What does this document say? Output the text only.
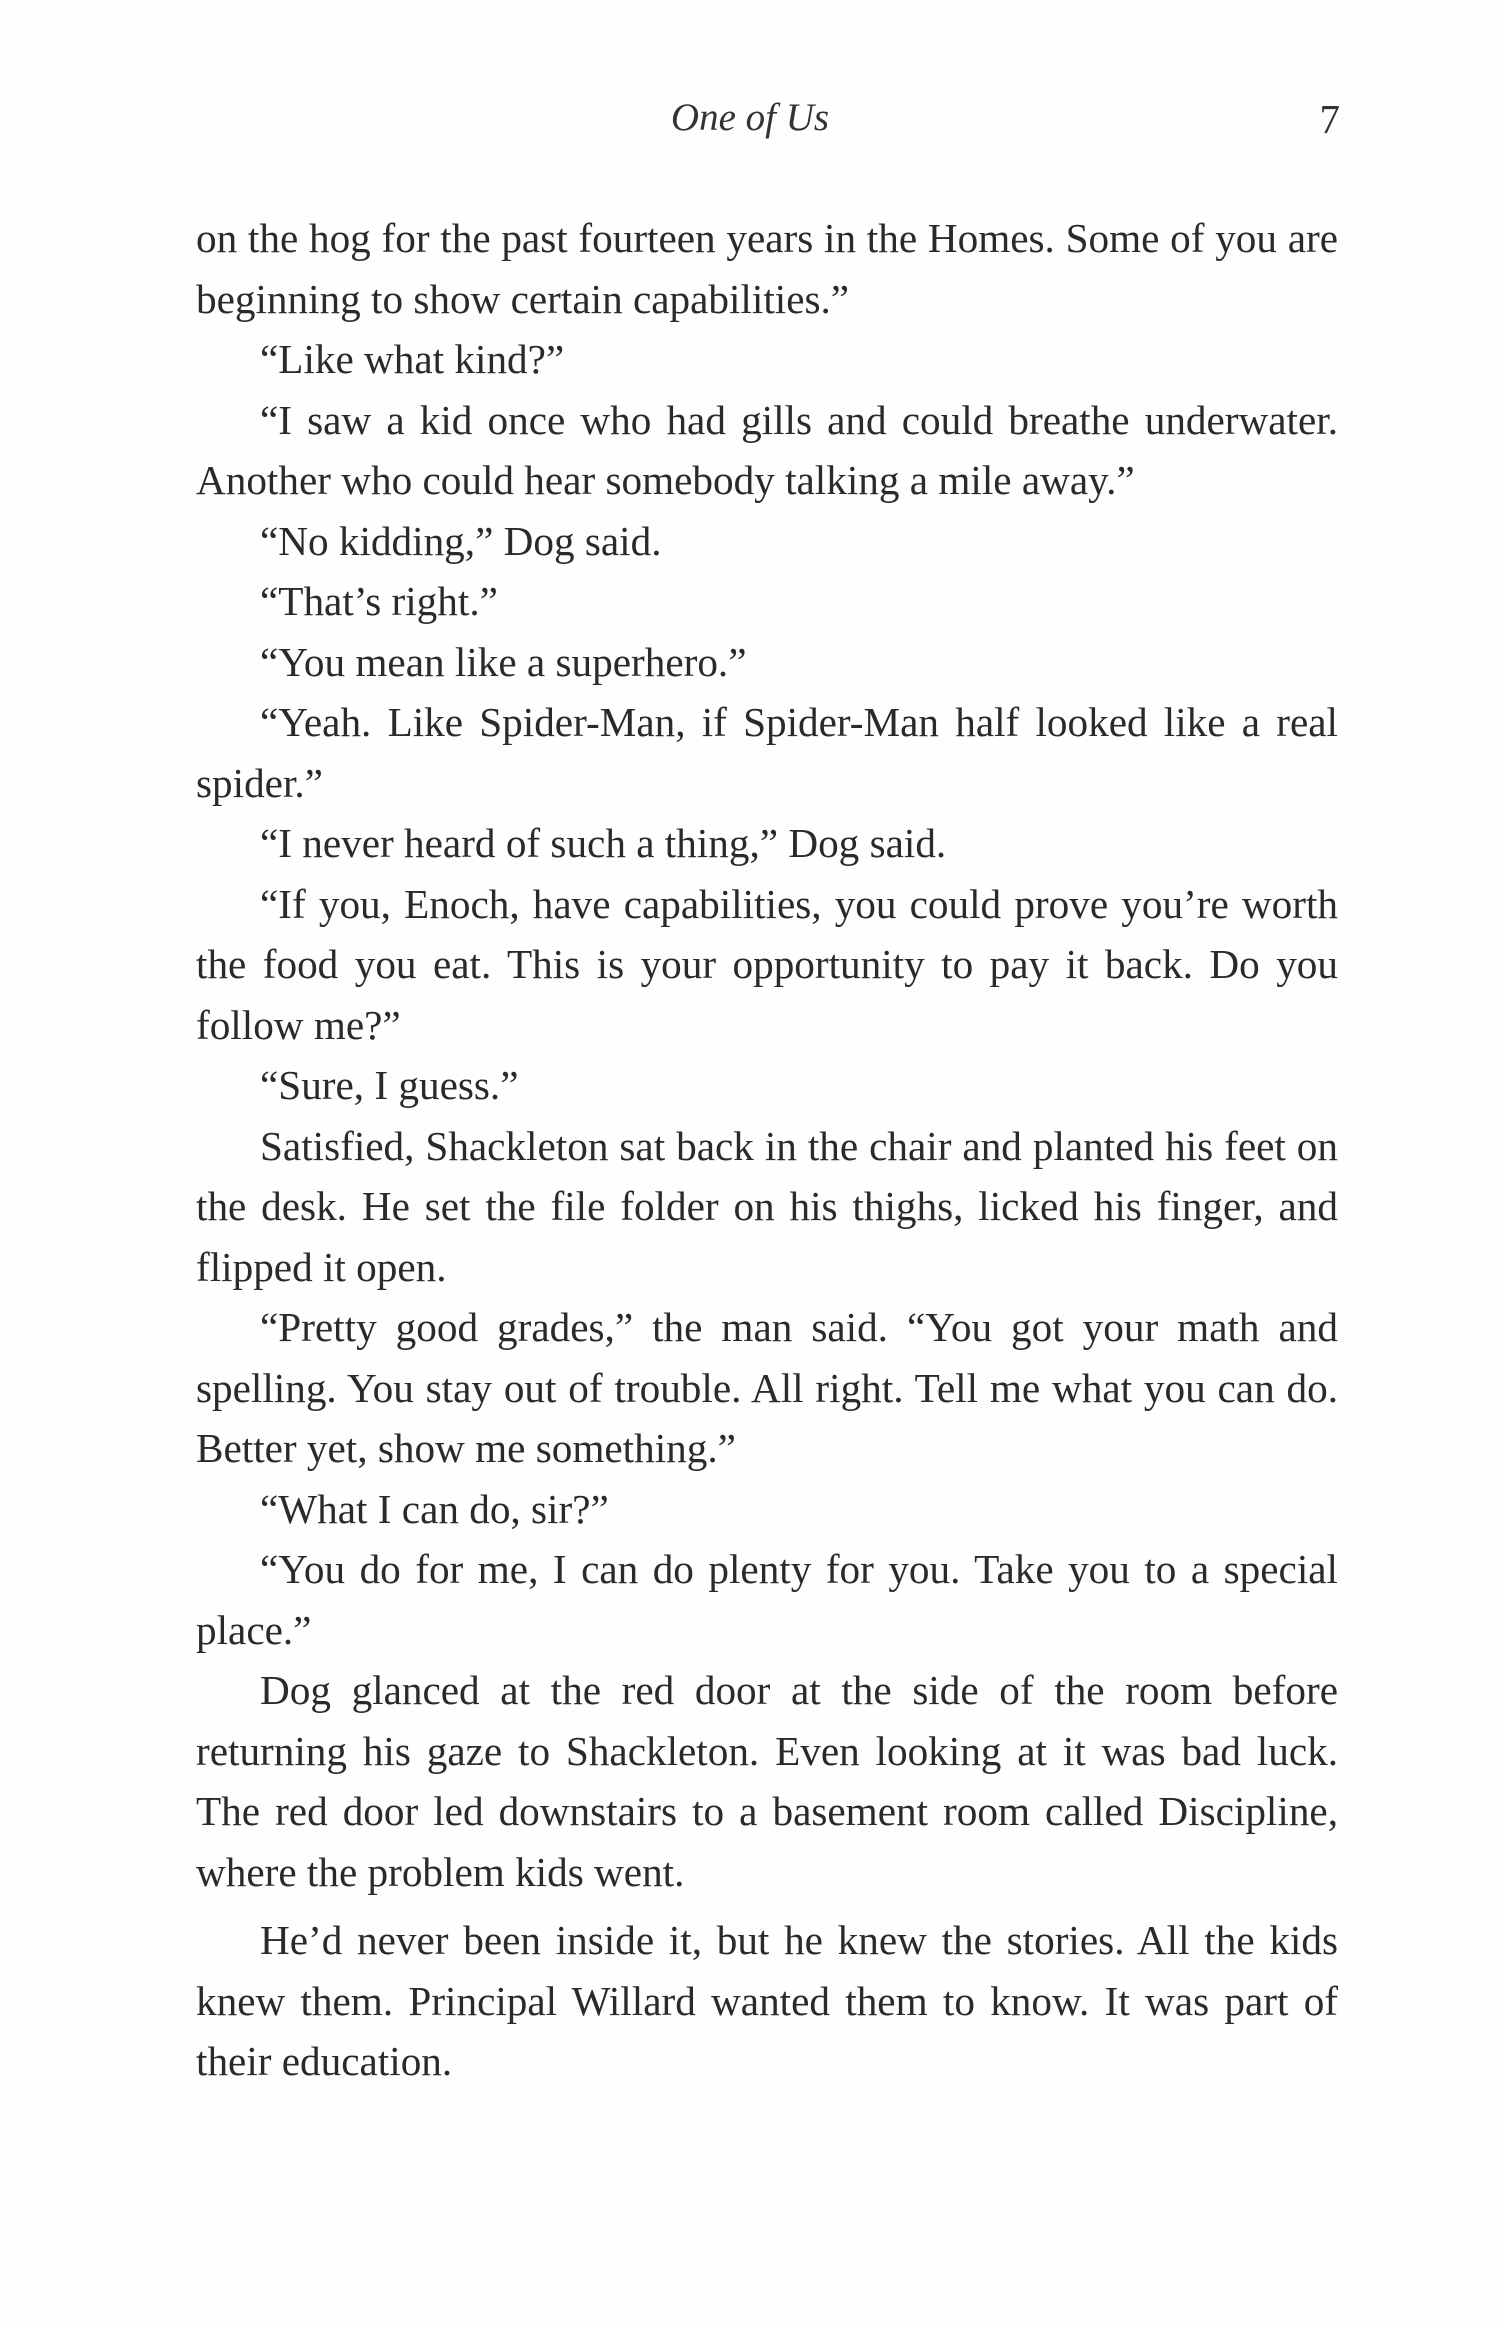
One of Us	7

on the hog for the past fourteen years in the Homes. Some of you are beginning to show certain capabilities.”

“Like what kind?”

“I saw a kid once who had gills and could breathe underwater. Another who could hear somebody talking a mile away.”

“No kidding,” Dog said.

“That’s right.”

“You mean like a superhero.”

“Yeah. Like Spider-Man, if Spider-Man half looked like a real spider.”

“I never heard of such a thing,” Dog said.

“If you, Enoch, have capabilities, you could prove you’re worth the food you eat. This is your opportunity to pay it back. Do you follow me?”

“Sure, I guess.”

Satisfied, Shackleton sat back in the chair and planted his feet on the desk. He set the file folder on his thighs, licked his finger, and flipped it open.

“Pretty good grades,” the man said. “You got your math and spelling. You stay out of trouble. All right. Tell me what you can do. Better yet, show me something.”

“What I can do, sir?”

“You do for me, I can do plenty for you. Take you to a special place.”

Dog glanced at the red door at the side of the room before returning his gaze to Shackleton. Even looking at it was bad luck. The red door led downstairs to a basement room called Discipline, where the problem kids went.

He’d never been inside it, but he knew the stories. All the kids knew them. Principal Willard wanted them to know. It was part of their education.
